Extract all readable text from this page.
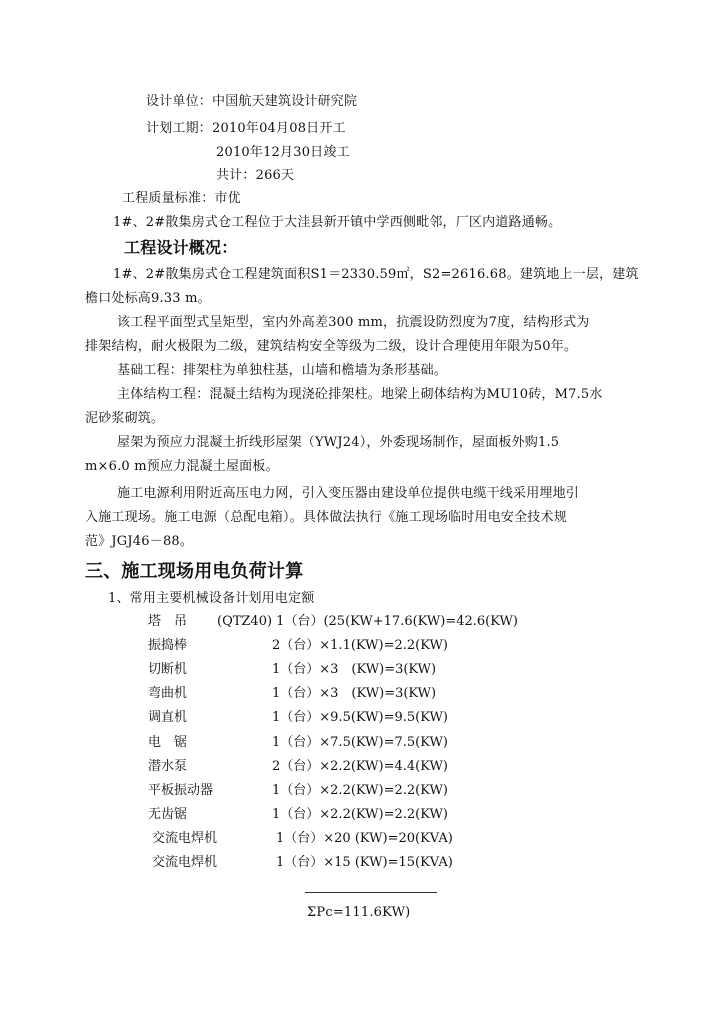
设计单位：中国航天建筑设计研究院
计划工期：2010年04月08日开工
2010年12月30日竣工
共计：266天
工程质量标准：市优
1#、2#散集房式仓工程位于大洼县新开镇中学西侧毗邻，厂区内道路通畅。
工程设计概况：
1#、2#散集房式仓工程建筑面积S1＝2330.59㎡，S2=2616.68。建筑地上一层，建筑
檐口处标高9.33 m。
该工程平面型式呈矩型，室内外高差300 mm，抗震设防烈度为7度，结构形式为
排架结构，耐火极限为二级，建筑结构安全等级为二级，设计合理使用年限为50年。
基础工程：排架柱为单独柱基，山墙和檐墙为条形基础。
主体结构工程：混凝土结构为现浇砼排架柱。地梁上砌体结构为MU10砖，M7.5水
泥砂浆砌筑。
屋架为预应力混凝土折线形屋架（YWJ24），外委现场制作，屋面板外购1.5
m×6.0 m预应力混凝土屋面板。
施工电源利用附近高压电力网，引入变压器由建设单位提供电缆干线采用埋地引
入施工现场。施工电源（总配电箱）。具体做法执行《施工现场临时用电安全技术规
范》JGJ46－88。
三、施工现场用电负荷计算
1、常用主要机械设备计划用电定额
塔　吊 (QTZ40) 1（台）(25(KW+17.6(KW)=42.6(KW)
振捣棒	2（台）×1.1(KW)=2.2(KW)
切断机	1（台）×3　(KW)=3(KW)
弯曲机	1（台）×3　(KW)=3(KW)
调直机	1（台）×9.5(KW)=9.5(KW)
电　锯	1（台）×7.5(KW)=7.5(KW)
潜水泵	2（台）×2.2(KW)=4.4(KW)
平板振动器	1（台）×2.2(KW)=2.2(KW)
无齿锯	1（台）×2.2(KW)=2.2(KW)
交流电焊机	1（台）×20 (KW)=20(KVA)
交流电焊机	1（台）×15 (KW)=15(KVA)
ΣPc=111.6KW)
